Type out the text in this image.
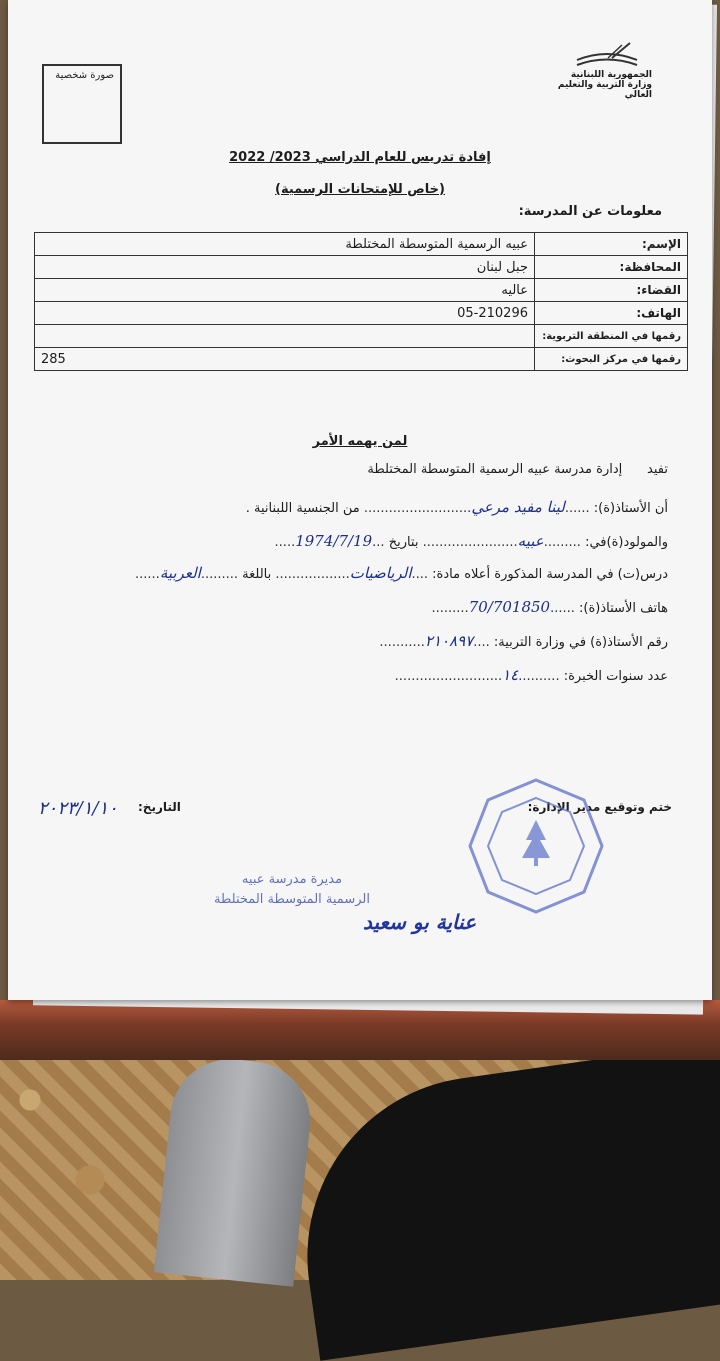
صورة شخصية	الجمهورية اللبنانية
وزارة التربية والتعليم العالي
إفادة تدريس للعام الدراسي 2023/ 2022
(خاص للإمتحانات الرسمية)
معلومات عن المدرسة:
الإسم:	عبيه الرسمية المتوسطة المختلطة
المحافظة:	جبل لبنان
القضاء:	عاليه
الهاتف:	05-210296
رقمها في المنطقة التربوية:	
رقمها في مركز البحوث:	285
لمن يهمه الأمر
تفيد      إدارة مدرسة عبيه الرسمية المتوسطة المختلطة
أن الأستاذ(ة): ......لينا مفيد مرعي.......................... من الجنسية اللبنانية .
والمولود(ة)في: .........عبيه....................... بتاريخ ...1974/7/19.....
درس(ت) في المدرسة المذكورة أعلاه مادة: ....الرياضيات.................. باللغة .........العربية......
هاتف الأستاذ(ة): ......70/701850.........
رقم الأستاذ(ة) في وزارة التربية: ....٢١٠٨٩٧...........
عدد سنوات الخبرة: ..........١٤..........................
ختم وتوقيع مدير الإدارة:
التاريخ:
٢٠٢٣/١/١٠
مديرة مدرسة عبيه
الرسمية المتوسطة المختلطة
عناية بو سعيد
